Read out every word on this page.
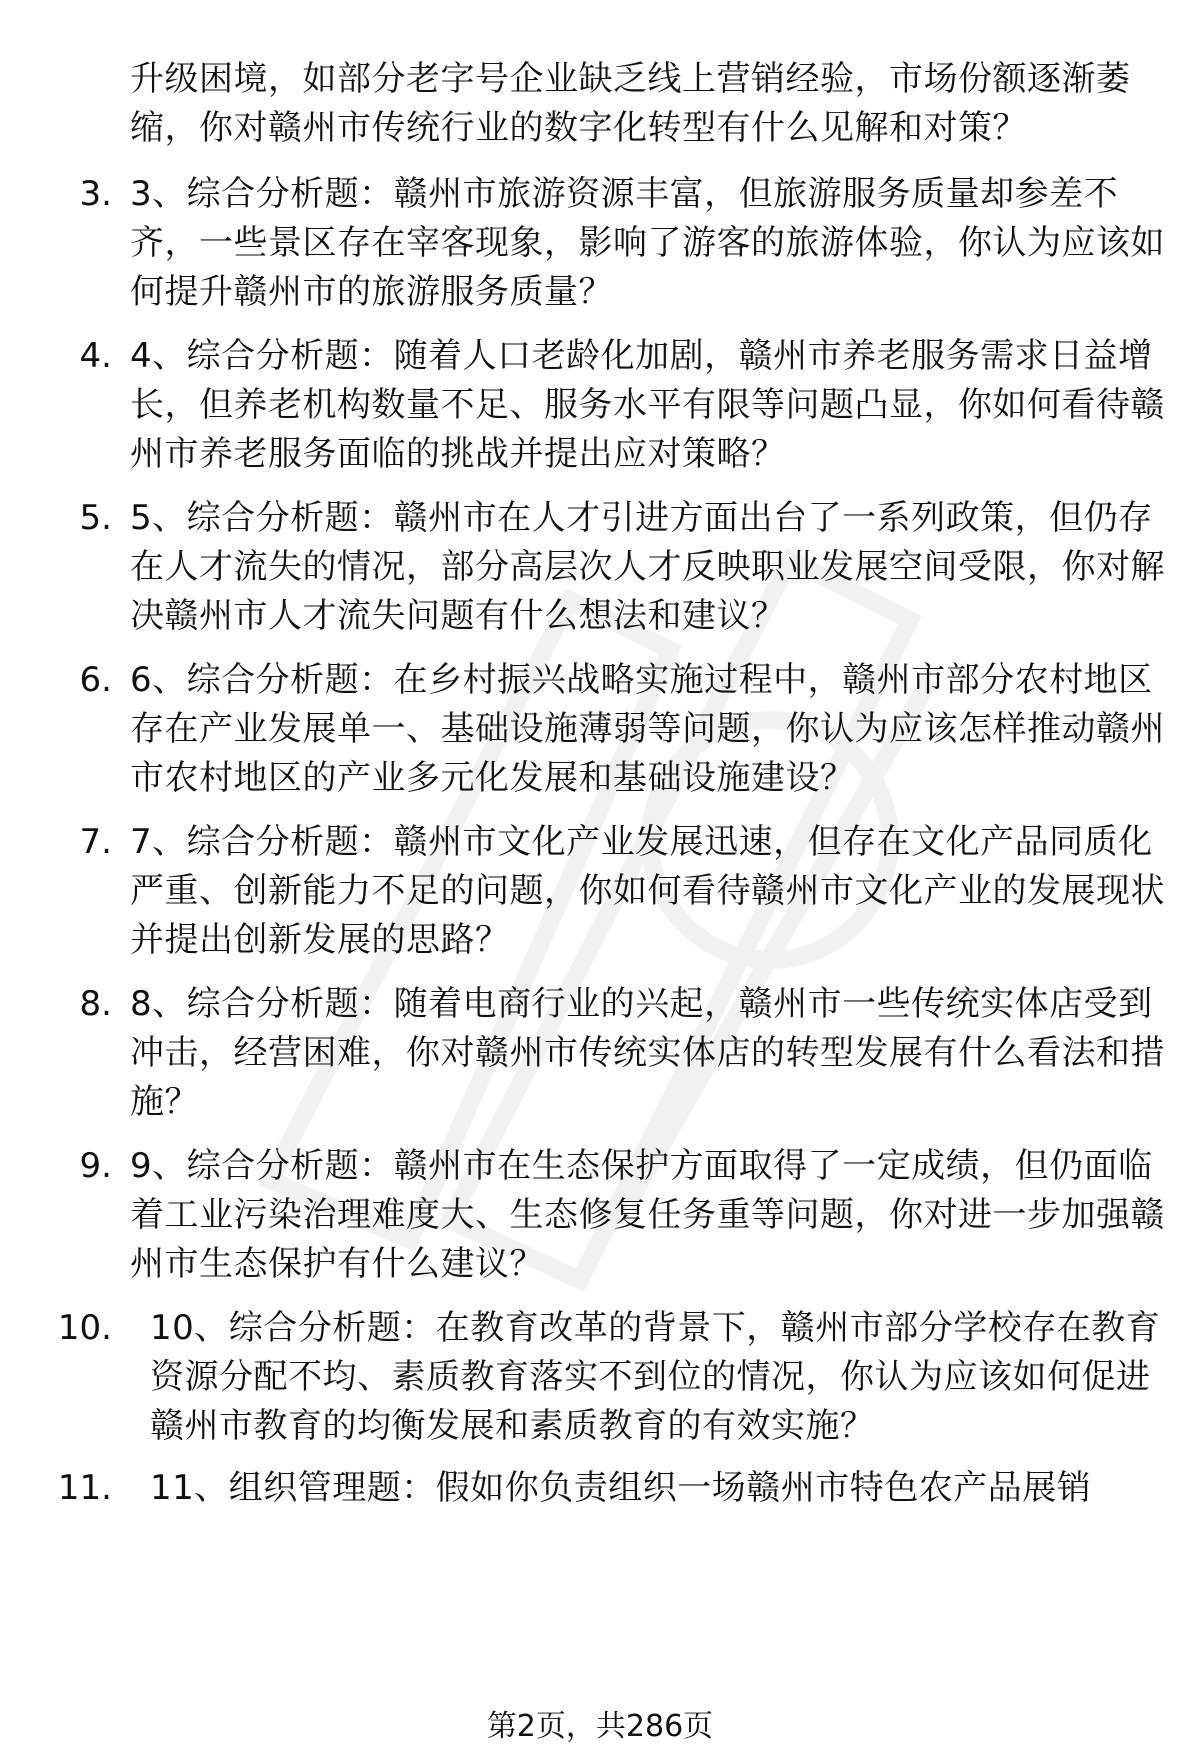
升级困境，如部分老字号企业缺乏线上营销经验，市场份额逐渐萎缩，你对赣州市传统行业的数字化转型有什么见解和对策？
3. 3、综合分析题：赣州市旅游资源丰富，但旅游服务质量却参差不齐，一些景区存在宰客现象，影响了游客的旅游体验，你认为应该如何提升赣州市的旅游服务质量？
4. 4、综合分析题：随着人口老龄化加剧，赣州市养老服务需求日益增长，但养老机构数量不足、服务水平有限等问题凸显，你如何看待赣州市养老服务面临的挑战并提出应对策略？
5. 5、综合分析题：赣州市在人才引进方面出台了一系列政策，但仍存在人才流失的情况，部分高层次人才反映职业发展空间受限，你对解决赣州市人才流失问题有什么想法和建议？
6. 6、综合分析题：在乡村振兴战略实施过程中，赣州市部分农村地区存在产业发展单一、基础设施薄弱等问题，你认为应该怎样推动赣州市农村地区的产业多元化发展和基础设施建设？
7. 7、综合分析题：赣州市文化产业发展迅速，但存在文化产品同质化严重、创新能力不足的问题，你如何看待赣州市文化产业的发展现状并提出创新发展的思路？
8. 8、综合分析题：随着电商行业的兴起，赣州市一些传统实体店受到冲击，经营困难，你对赣州市传统实体店的转型发展有什么看法和措施？
9. 9、综合分析题：赣州市在生态保护方面取得了一定成绩，但仍面临着工业污染治理难度大、生态修复任务重等问题，你对进一步加强赣州市生态保护有什么建议？
10. 10、综合分析题：在教育改革的背景下，赣州市部分学校存在教育资源分配不均、素质教育落实不到位的情况，你认为应该如何促进赣州市教育的均衡发展和素质教育的有效实施？
11. 11、组织管理题：假如你负责组织一场赣州市特色农产品展销
第2页，共286页
